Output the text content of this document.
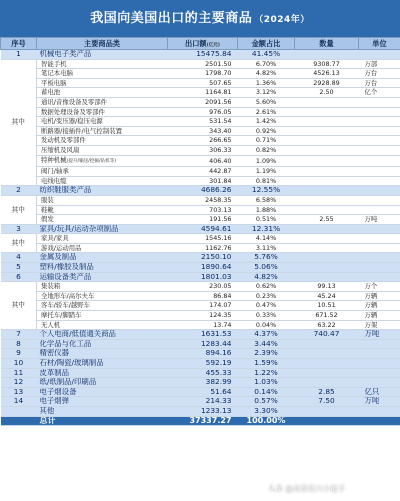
我国向美国出口的主要商品 （2024年）
序号	主要商品类	出口额(亿元)	金额占比	数量	单位
1	机械电子类产品	15475.84	41.45%		
其中	智能手机	2501.50	6.70%	9308.77	万部
	笔记本电脑	1798.70	4.82%	4526.13	万台
	平板电脑	507.65	1.36%	2928.89	万台
	蓄电池	1164.81	3.12%	2.50	亿个
	通讯/音像设备及零部件	2091.56	5.60%		
	数据处理设备及零部件	976.05	2.61%		
	电机/变压器/稳压电源	531.54	1.42%		
	断路器/接插件/电气控制装置	343.40	0.92%		
	发动机及零部件	266.65	0.71%		
	压缩机及风扇	306.33	0.82%		
	特种机械(提升/输送/挖掘/钻机等)	406.40	1.09%		
	阀门/轴承	442.87	1.19%		
	电线电缆	301.84	0.81%		
2	纺织鞋服类产品	4686.26	12.55%		
其中	服装	2458.35	6.58%		
	鞋靴	703.13	1.88%		
	假发	191.56	0.51%	2.55	万吨
3	家具/玩具/运动杂项制品	4594.61	12.31%		
其中	家具/家具	1545.16	4.14%		
	游戏/运动用品	1162.76	3.11%		
4	金属及制品	2150.10	5.76%		
5	塑料/橡胶及制品	1890.64	5.06%		
6	运输设备类产品	1801.03	4.82%		
其中	集装箱	230.05	0.62%	99.13	万个
	全地形车/高尔夫车	86.84	0.23%	45.24	万辆
	客车/轿车/越野车	174.07	0.47%	10.51	万辆
	摩托车/脚踏车	124.35	0.33%	671.52	万辆
	无人机	13.74	0.04%	63.22	万架
7	个人电商/低值通关商品	1631.53	4.37%	740.47	万吨
8	化学品与化工品	1283.44	3.44%		
9	精密仪器	894.16	2.39%		
10	石材/陶瓷/玻璃制品	592.19	1.59%		
11	皮革制品	455.33	1.22%		
12	纸/纸制品/印刷品	382.99	1.03%		
13	电子烟设备	51.64	0.14%	2.85	亿只
14	电子烟弹	214.33	0.57%	7.50	万吨
	其他	1233.13	3.30%		
	总计	37337.27	100.00%		
头条 @高景低兴小能手
